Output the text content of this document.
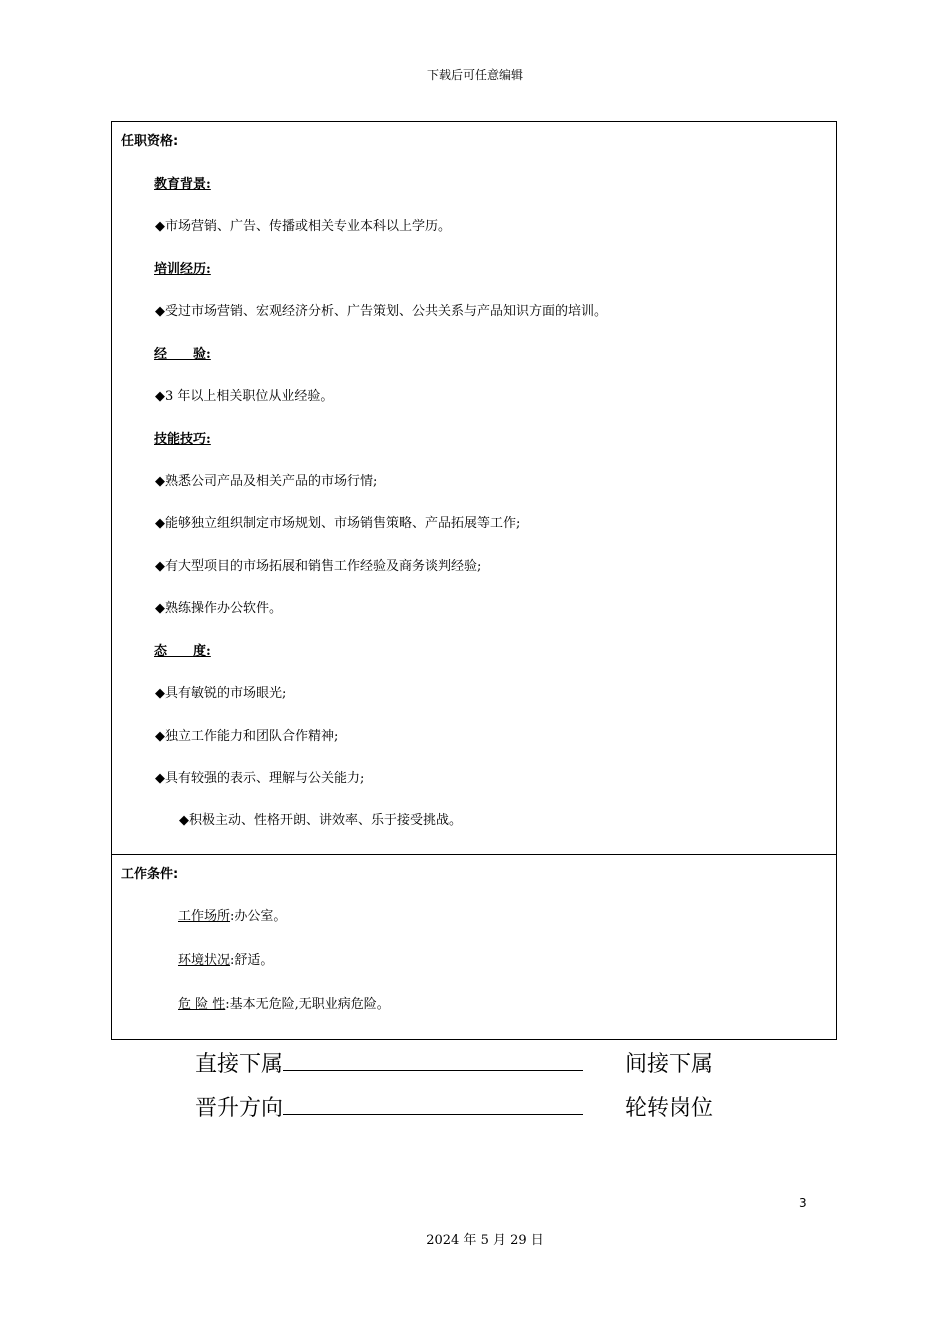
下载后可任意编辑
任职资格:
教育背景:
◆市场营销、广告、传播或相关专业本科以上学历。
培训经历:
◆受过市场营销、宏观经济分析、广告策划、公共关系与产品知识方面的培训。
经　　验:
◆3 年以上相关职位从业经验。
技能技巧:
◆熟悉公司产品及相关产品的市场行情;
◆能够独立组织制定市场规划、市场销售策略、产品拓展等工作;
◆有大型项目的市场拓展和销售工作经验及商务谈判经验;
◆熟练操作办公软件。
态　　度:
◆具有敏锐的市场眼光;
◆独立工作能力和团队合作精神;
◆具有较强的表示、理解与公关能力;
◆积极主动、性格开朗、讲效率、乐于接受挑战。
工作条件:
工作场所:办公室。
环境状况:舒适。
危 险 性:基本无危险,无职业病危险。
直接下属	间接下属
晋升方向	轮转岗位
3
2024 年 5 月 29 日
